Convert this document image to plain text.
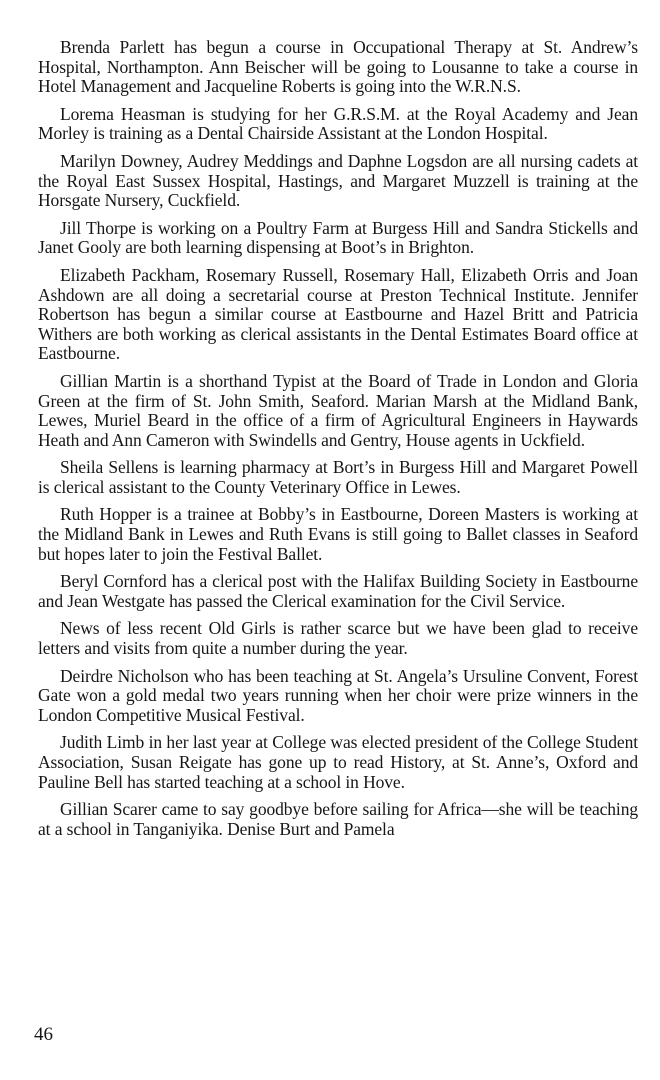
Brenda Parlett has begun a course in Occupational Therapy at St. Andrew’s Hospital, Northampton. Ann Beischer will be going to Lousanne to take a course in Hotel Management and Jacqueline Roberts is going into the W.R.N.S.

Lorema Heasman is studying for her G.R.S.M. at the Royal Academy and Jean Morley is training as a Dental Chairside Assistant at the London Hospital.

Marilyn Downey, Audrey Meddings and Daphne Logsdon are all nursing cadets at the Royal East Sussex Hospital, Hastings, and Margaret Muzzell is training at the Horsgate Nursery, Cuckfield.

Jill Thorpe is working on a Poultry Farm at Burgess Hill and Sandra Stickells and Janet Gooly are both learning dispensing at Boot’s in Brighton.

Elizabeth Packham, Rosemary Russell, Rosemary Hall, Elizabeth Orris and Joan Ashdown are all doing a secretarial course at Preston Technical Institute. Jennifer Robertson has begun a similar course at Eastbourne and Hazel Britt and Patricia Withers are both working as clerical assistants in the Dental Estimates Board office at Eastbourne.

Gillian Martin is a shorthand Typist at the Board of Trade in London and Gloria Green at the firm of St. John Smith, Seaford. Marian Marsh at the Midland Bank, Lewes, Muriel Beard in the office of a firm of Agricultural Engineers in Haywards Heath and Ann Cameron with Swindells and Gentry, House agents in Uckfield.

Sheila Sellens is learning pharmacy at Bort’s in Burgess Hill and Margaret Powell is clerical assistant to the County Veterinary Office in Lewes.

Ruth Hopper is a trainee at Bobby’s in Eastbourne, Doreen Masters is working at the Midland Bank in Lewes and Ruth Evans is still going to Ballet classes in Seaford but hopes later to join the Festival Ballet.

Beryl Cornford has a clerical post with the Halifax Building Society in Eastbourne and Jean Westgate has passed the Clerical examination for the Civil Service.

News of less recent Old Girls is rather scarce but we have been glad to receive letters and visits from quite a number during the year.

Deirdre Nicholson who has been teaching at St. Angela’s Ursuline Convent, Forest Gate won a gold medal two years running when her choir were prize winners in the London Competitive Musical Festival.

Judith Limb in her last year at College was elected president of the College Student Association, Susan Reigate has gone up to read History, at St. Anne’s, Oxford and Pauline Bell has started teaching at a school in Hove.

Gillian Scarer came to say goodbye before sailing for Africa—she will be teaching at a school in Tanganiyika. Denise Burt and Pamela

46
